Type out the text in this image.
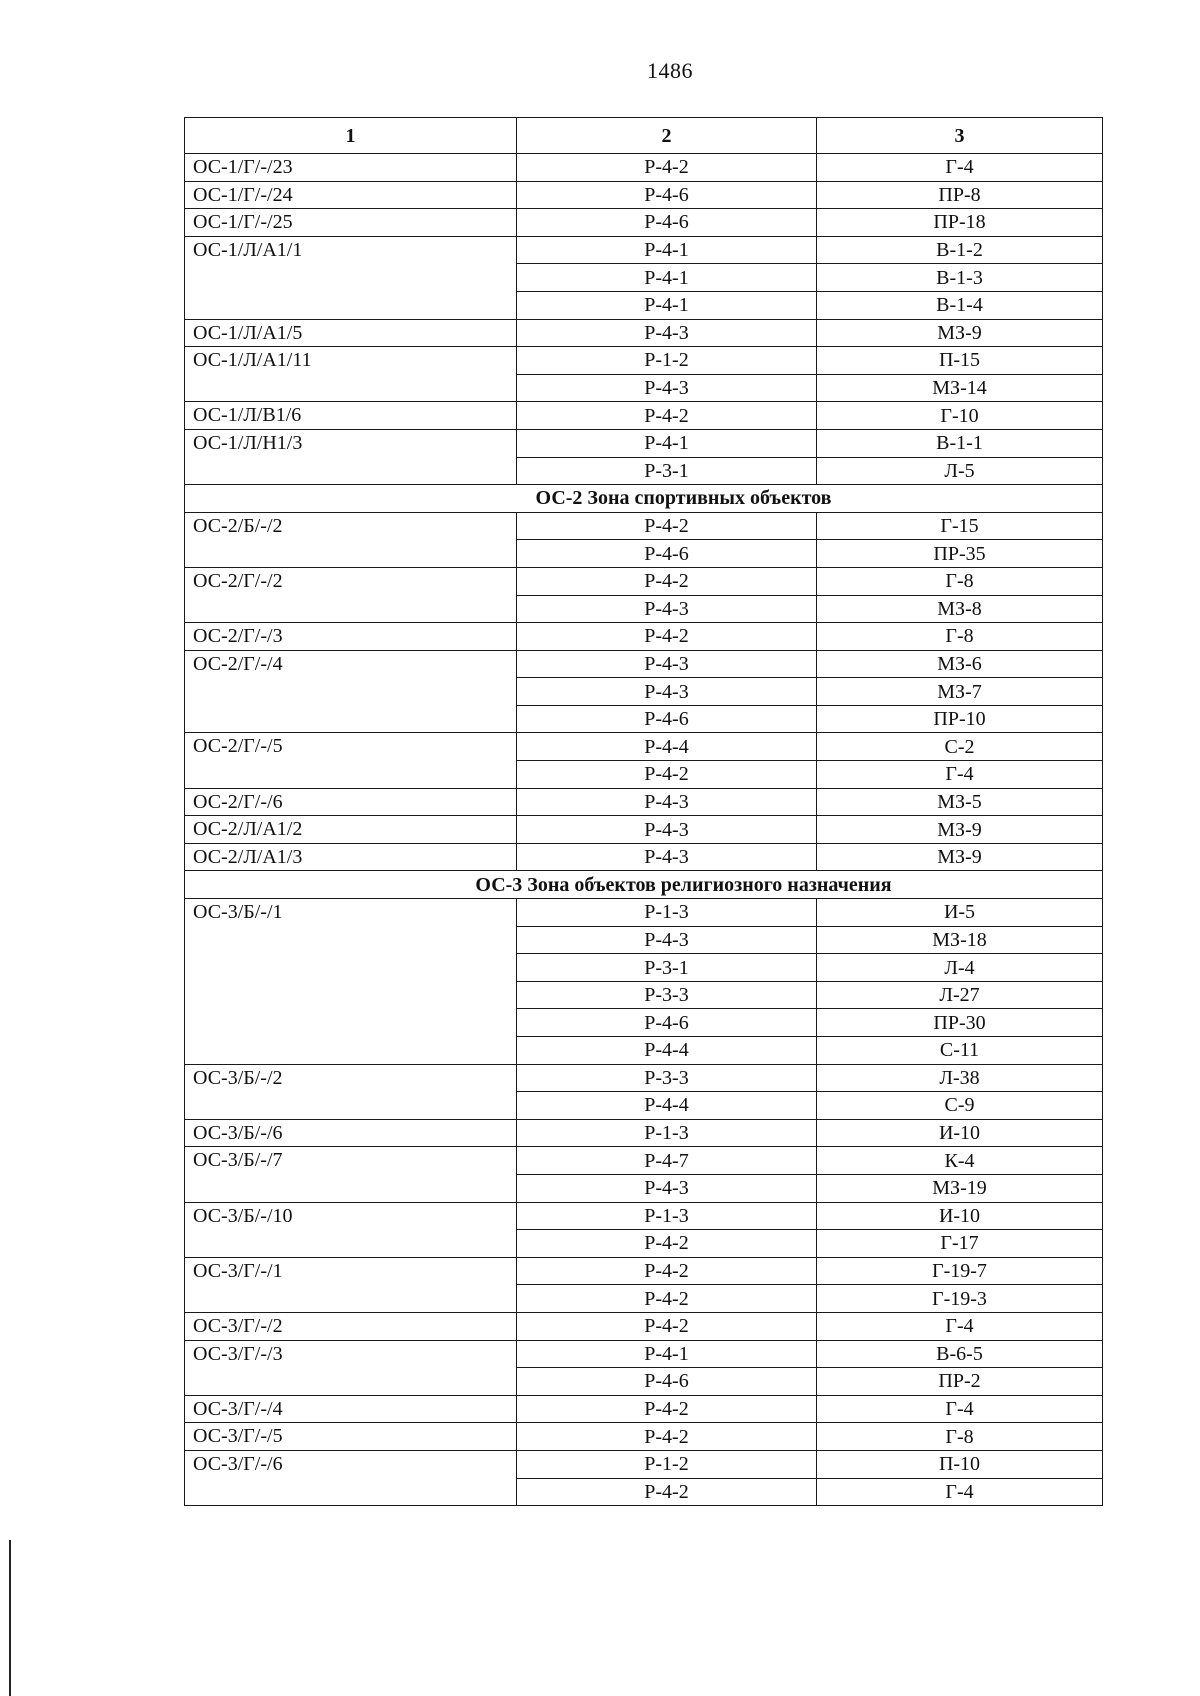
1486
1	2	3
ОС-1/Г/-/23	Р-4-2	Г-4
ОС-1/Г/-/24	Р-4-6	ПР-8
ОС-1/Г/-/25	Р-4-6	ПР-18
ОС-1/Л/А1/1	Р-4-1	В-1-2
	Р-4-1	В-1-3
	Р-4-1	В-1-4
ОС-1/Л/А1/5	Р-4-3	МЗ-9
ОС-1/Л/А1/11	Р-1-2	П-15
	Р-4-3	МЗ-14
ОС-1/Л/В1/6	Р-4-2	Г-10
ОС-1/Л/Н1/3	Р-4-1	В-1-1
	Р-3-1	Л-5
ОС-2 Зона спортивных объектов		
ОС-2/Б/-/2	Р-4-2	Г-15
	Р-4-6	ПР-35
ОС-2/Г/-/2	Р-4-2	Г-8
	Р-4-3	МЗ-8
ОС-2/Г/-/3	Р-4-2	Г-8
ОС-2/Г/-/4	Р-4-3	МЗ-6
	Р-4-3	МЗ-7
	Р-4-6	ПР-10
ОС-2/Г/-/5	Р-4-4	С-2
	Р-4-2	Г-4
ОС-2/Г/-/6	Р-4-3	МЗ-5
ОС-2/Л/А1/2	Р-4-3	МЗ-9
ОС-2/Л/А1/3	Р-4-3	МЗ-9
ОС-3 Зона объектов религиозного назначения		
ОС-3/Б/-/1	Р-1-3	И-5
	Р-4-3	МЗ-18
	Р-3-1	Л-4
	Р-3-3	Л-27
	Р-4-6	ПР-30
	Р-4-4	С-11
ОС-3/Б/-/2	Р-3-3	Л-38
	Р-4-4	С-9
ОС-3/Б/-/6	Р-1-3	И-10
ОС-3/Б/-/7	Р-4-7	К-4
	Р-4-3	МЗ-19
ОС-3/Б/-/10	Р-1-3	И-10
	Р-4-2	Г-17
ОС-3/Г/-/1	Р-4-2	Г-19-7
	Р-4-2	Г-19-3
ОС-3/Г/-/2	Р-4-2	Г-4
ОС-3/Г/-/3	Р-4-1	В-6-5
	Р-4-6	ПР-2
ОС-3/Г/-/4	Р-4-2	Г-4
ОС-3/Г/-/5	Р-4-2	Г-8
ОС-3/Г/-/6	Р-1-2	П-10
	Р-4-2	Г-4
